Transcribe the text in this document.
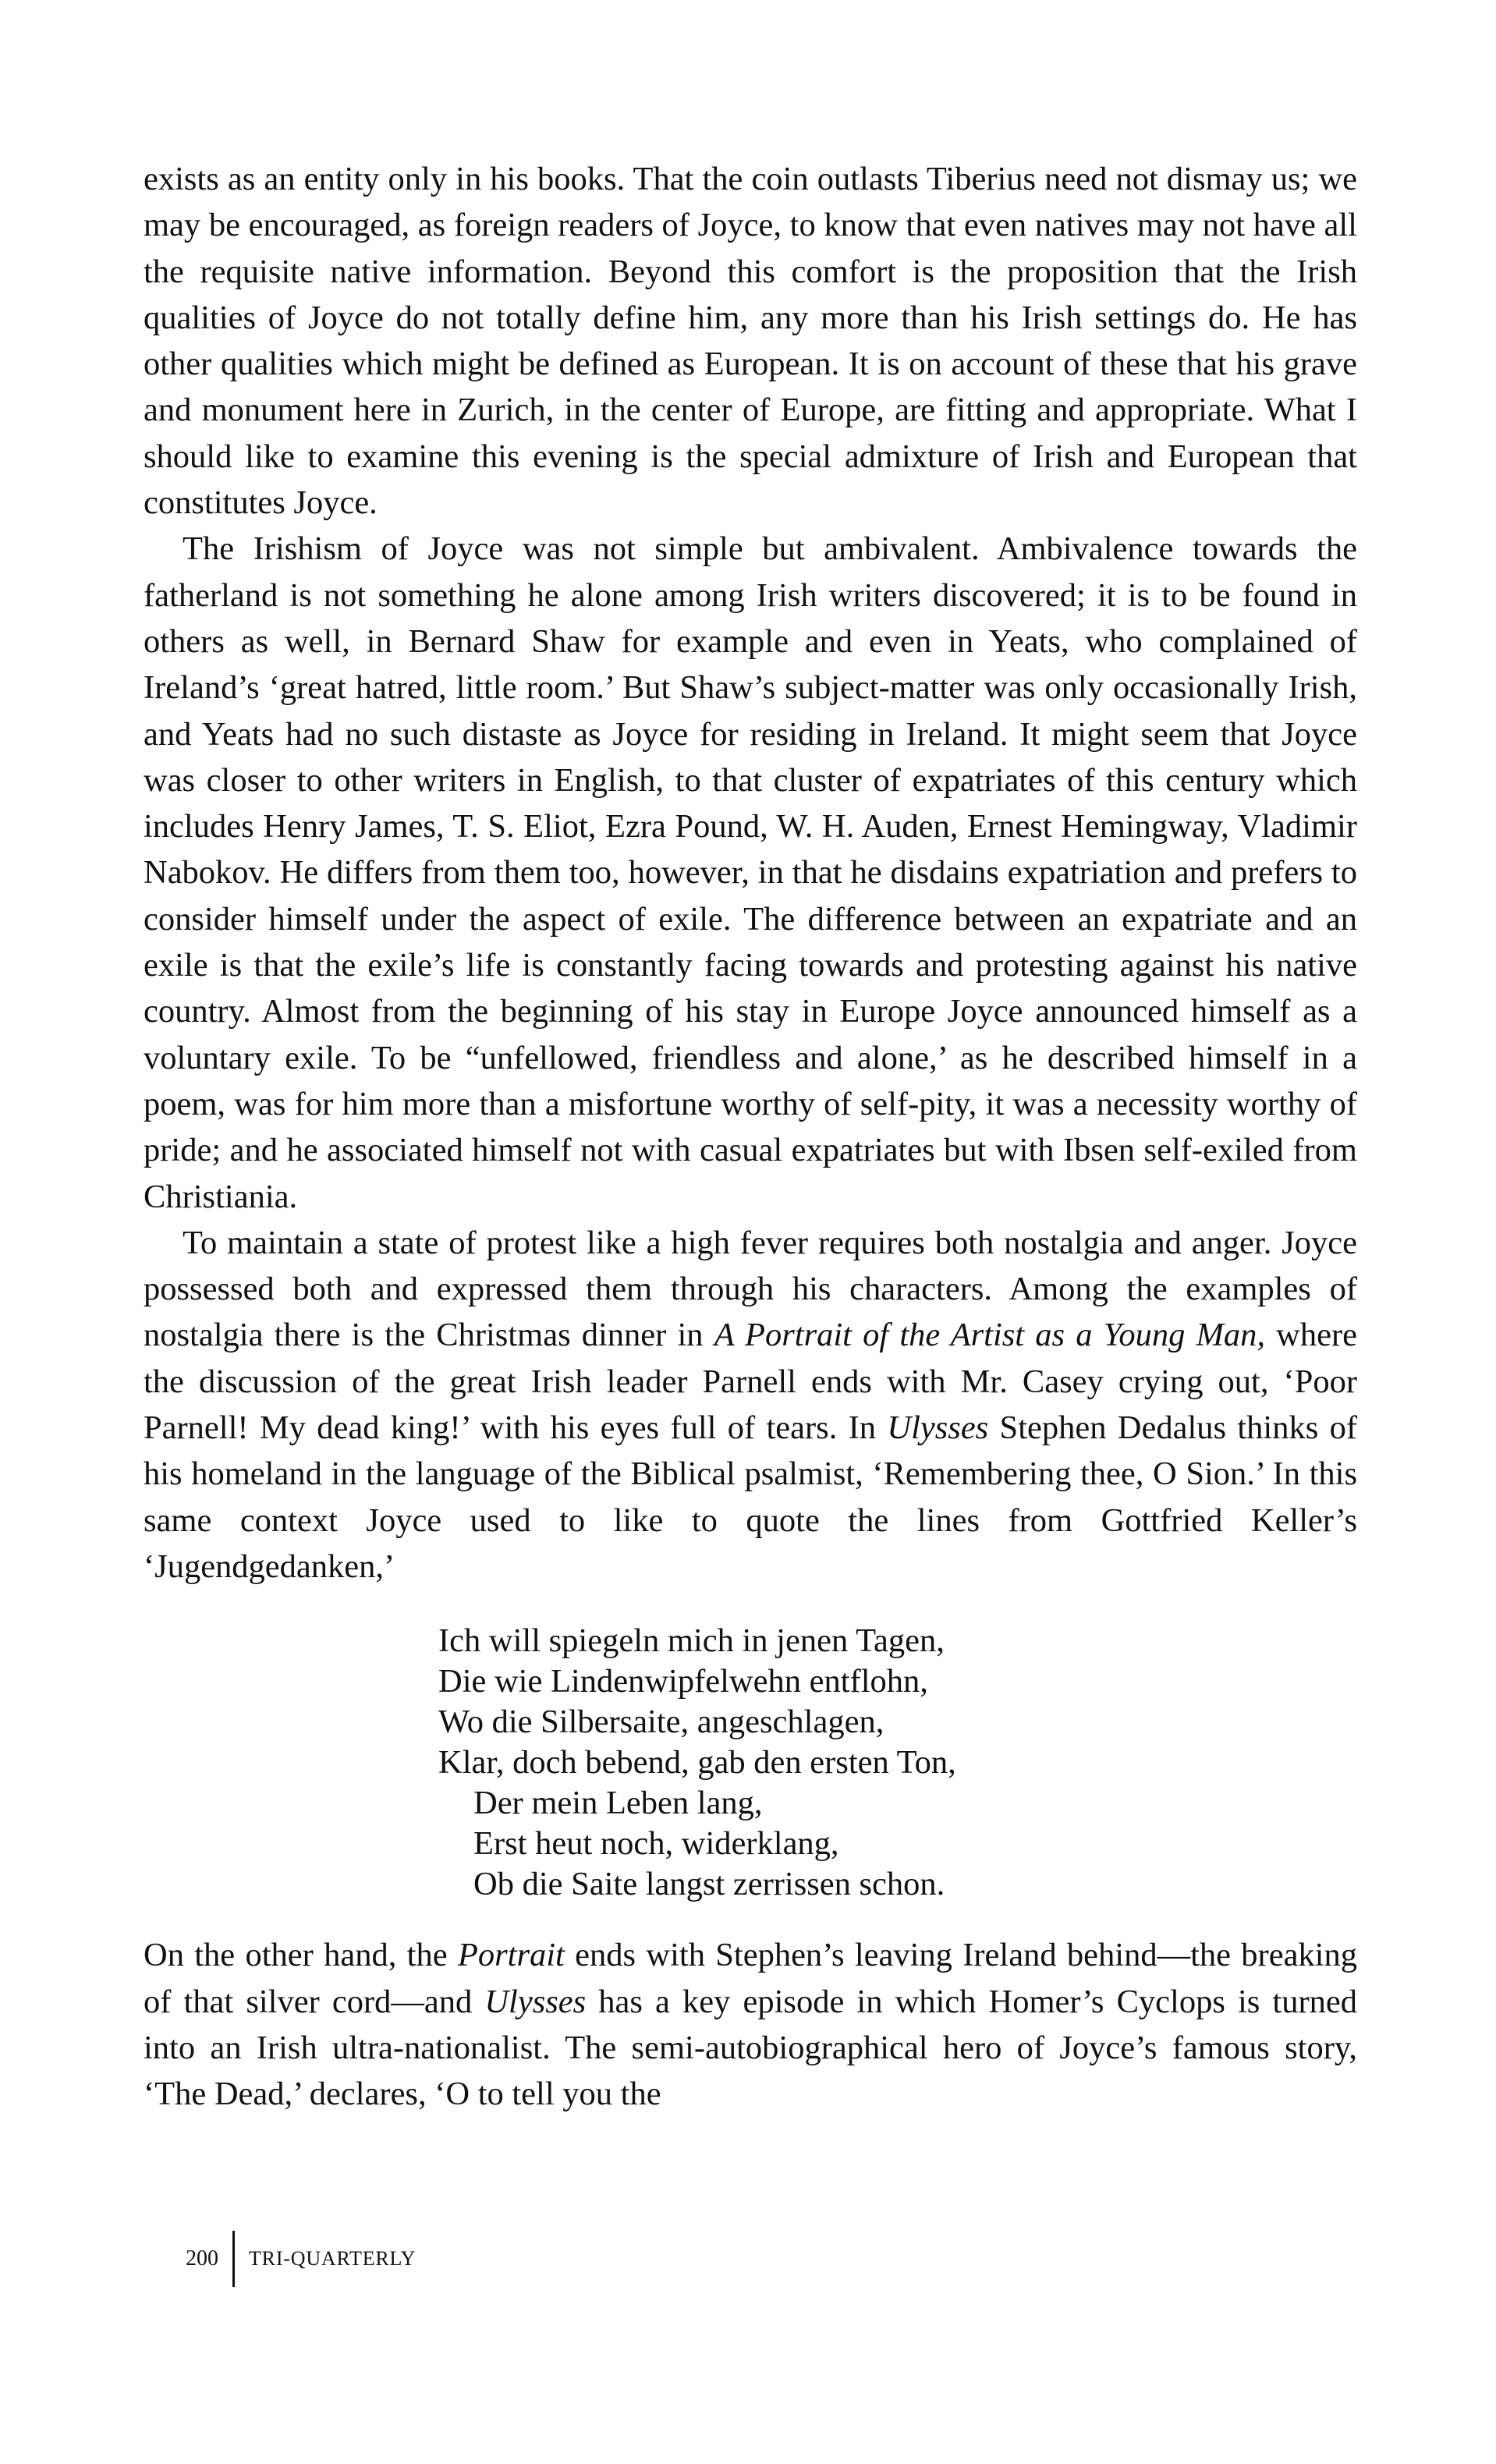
exists as an entity only in his books. That the coin outlasts Tiberius need not dismay us; we may be encouraged, as foreign readers of Joyce, to know that even natives may not have all the requisite native information. Beyond this comfort is the proposition that the Irish qualities of Joyce do not totally define him, any more than his Irish settings do. He has other qualities which might be defined as European. It is on account of these that his grave and monument here in Zurich, in the center of Europe, are fitting and appropriate. What I should like to examine this evening is the special admixture of Irish and European that constitutes Joyce.

The Irishism of Joyce was not simple but ambivalent. Ambivalence towards the fatherland is not something he alone among Irish writers discovered; it is to be found in others as well, in Bernard Shaw for example and even in Yeats, who complained of Ireland’s ‘great hatred, little room.’ But Shaw’s subject-matter was only occasionally Irish, and Yeats had no such distaste as Joyce for residing in Ireland. It might seem that Joyce was closer to other writers in English, to that cluster of expatriates of this century which includes Henry James, T. S. Eliot, Ezra Pound, W. H. Auden, Ernest Hemingway, Vladimir Nabokov. He differs from them too, however, in that he disdains expatriation and prefers to consider himself under the aspect of exile. The difference between an expatriate and an exile is that the exile’s life is constantly facing towards and protesting against his native country. Almost from the beginning of his stay in Europe Joyce announced himself as a voluntary exile. To be “unfellowed, friendless and alone,’ as he described himself in a poem, was for him more than a misfortune worthy of self-pity, it was a necessity worthy of pride; and he associated himself not with casual expatriates but with Ibsen self-exiled from Christiania.

To maintain a state of protest like a high fever requires both nostalgia and anger. Joyce possessed both and expressed them through his characters. Among the examples of nostalgia there is the Christmas dinner in A Portrait of the Artist as a Young Man, where the discussion of the great Irish leader Parnell ends with Mr. Casey crying out, ‘Poor Parnell! My dead king!’ with his eyes full of tears. In Ulysses Stephen Dedalus thinks of his homeland in the language of the Biblical psalmist, ‘Remembering thee, O Sion.’ In this same context Joyce used to like to quote the lines from Gottfried Keller’s ‘Jugendgedanken,’

Ich will spiegeln mich in jenen Tagen,
Die wie Lindenwipfelwehn entflohn,
Wo die Silbersaite, angeschlagen,
Klar, doch bebend, gab den ersten Ton,
Der mein Leben lang,
Erst heut noch, widerklang,
Ob die Saite langst zerrissen schon.

On the other hand, the Portrait ends with Stephen’s leaving Ireland behind—the breaking of that silver cord—and Ulysses has a key episode in which Homer’s Cyclops is turned into an Irish ultra-nationalist. The semi-autobiographical hero of Joyce’s famous story, ‘The Dead,’ declares, ‘O to tell you the

200	TRI-QUARTERLY
